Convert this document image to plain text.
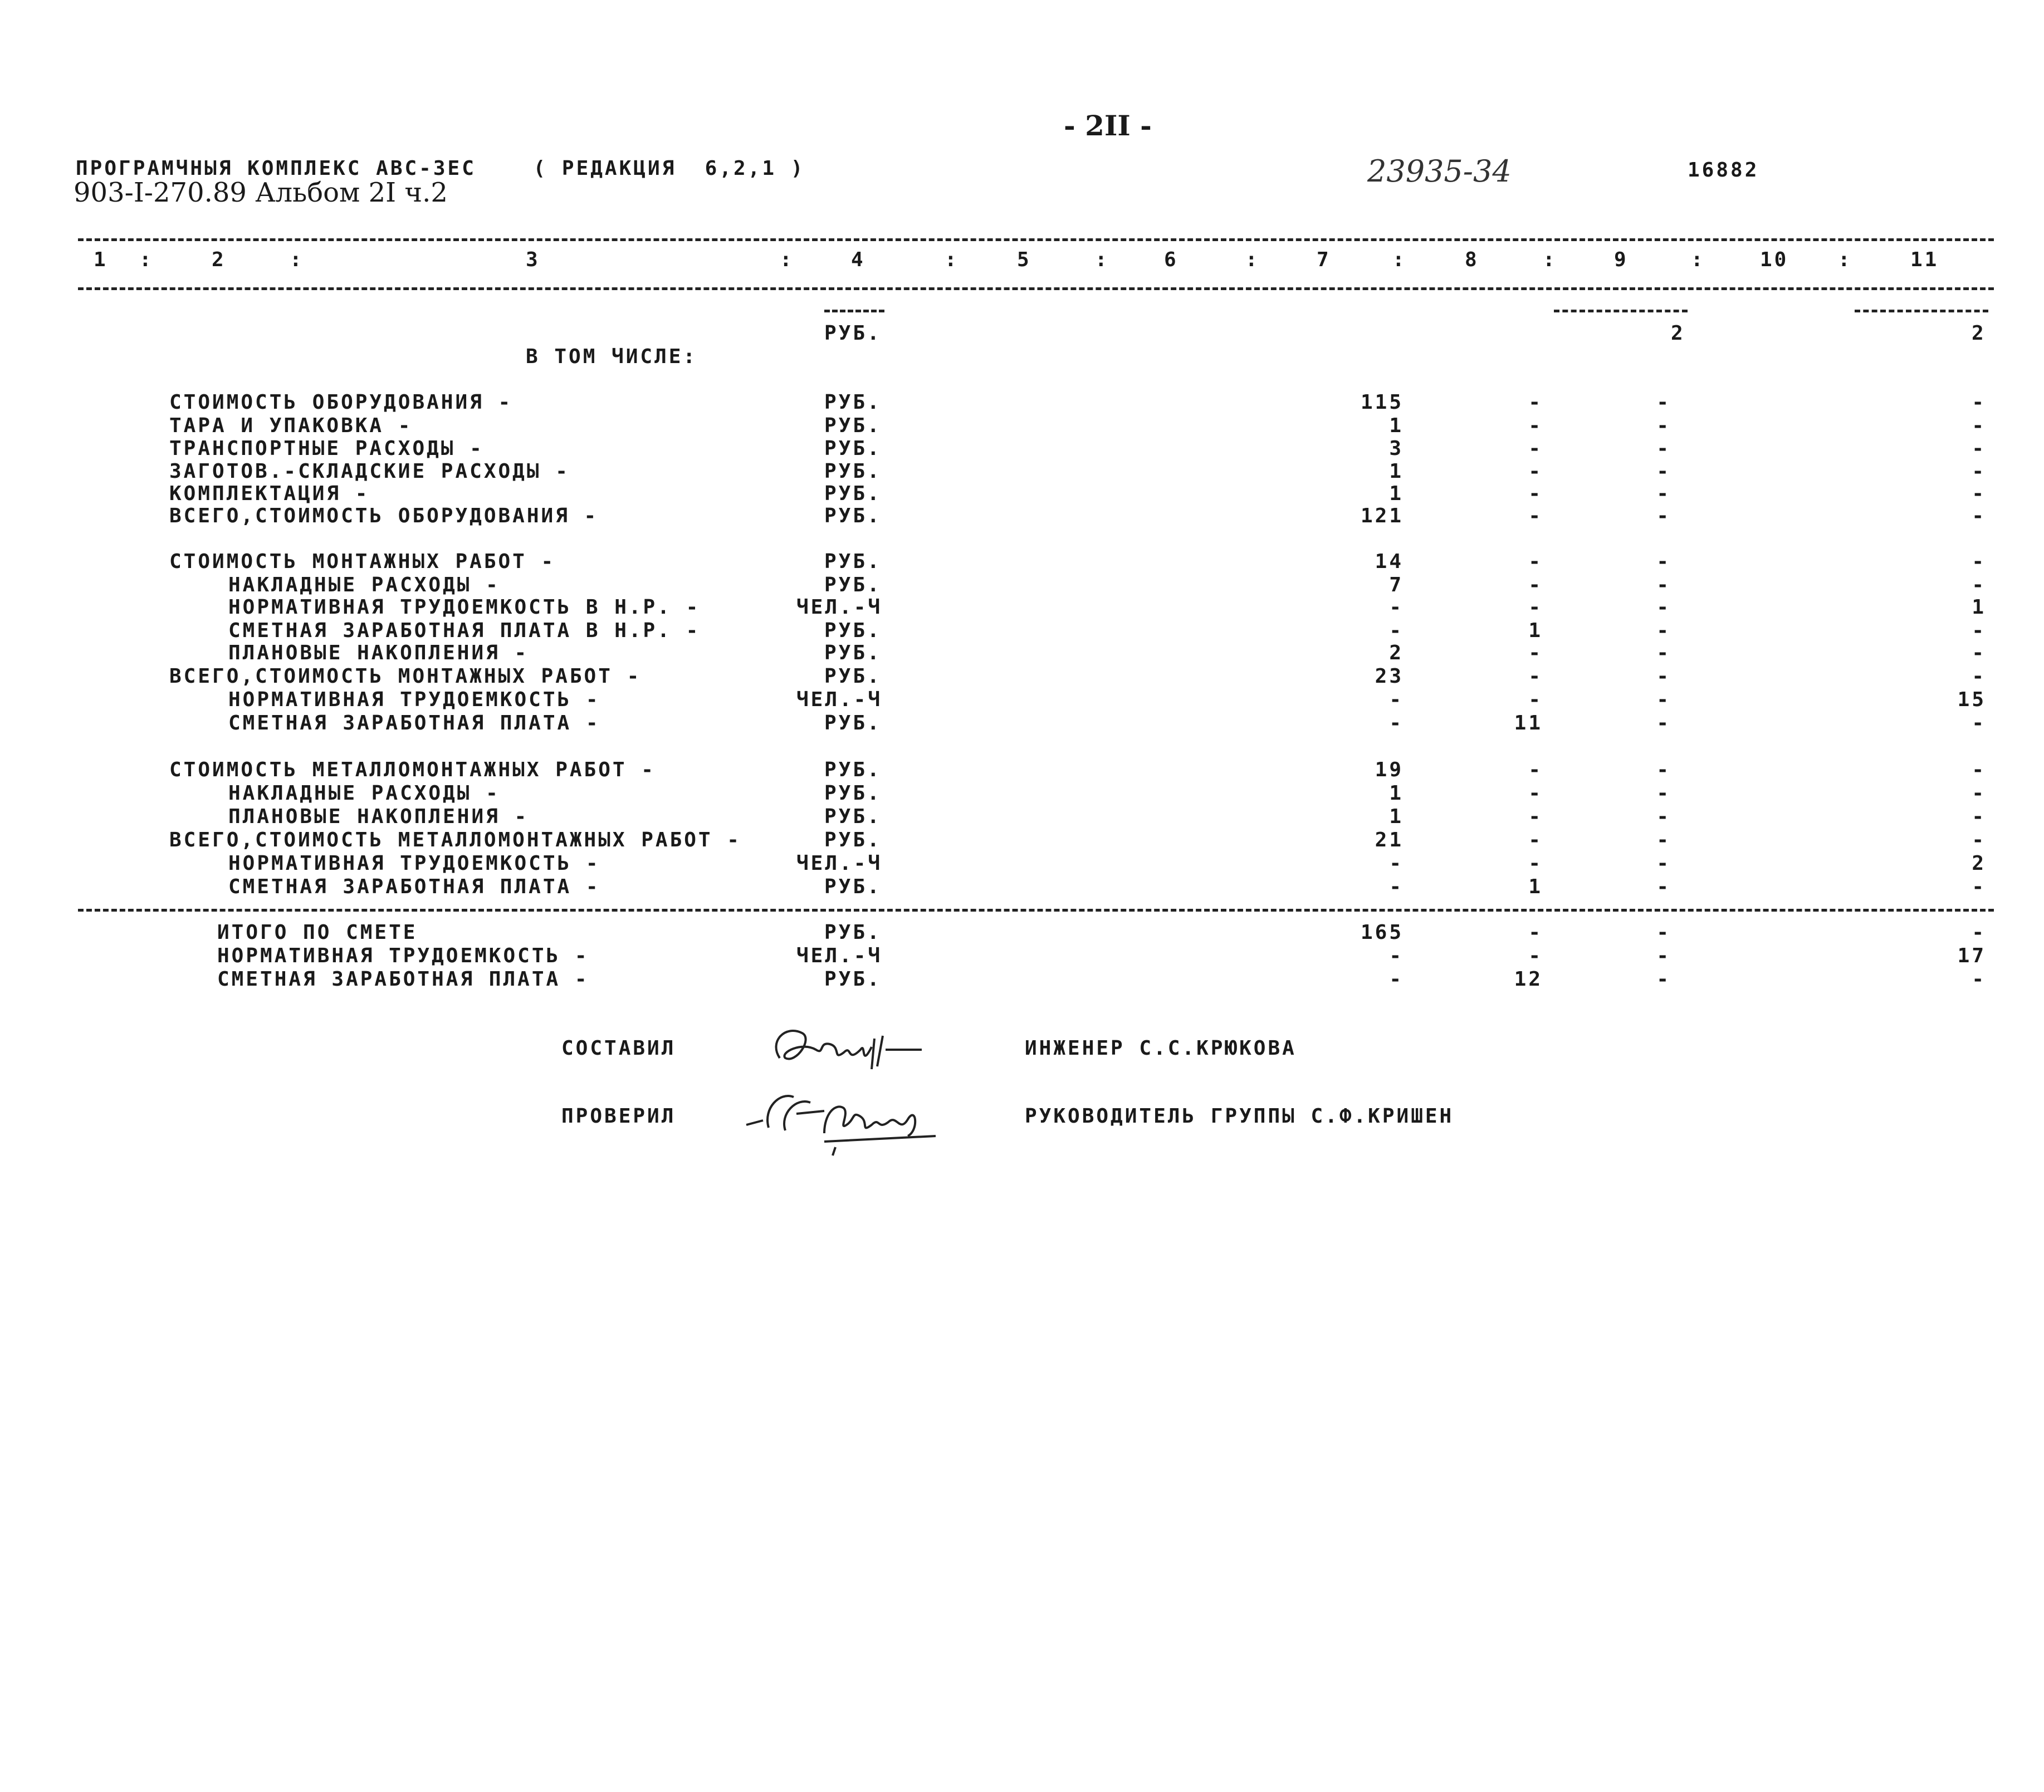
- 2II -
ПРОГРАМЧНЫЯ КОМПЛЕКС АВС-ЗЕС    ( РЕДАКЦИЯ  6,2,1 )
903-I-270.89 Альбом 2I ч.2
23935-34	16882
1 :	2	:	3	:	4	:	5	:	6	:	7	:	8	:	9	:	10 :	11
РУБ.	2	2
В ТОМ ЧИСЛЕ:
СТОИМОСТЬ ОБОРУДОВАНИЯ -	РУБ.	115	-	-	-
ТАРА И УПАКОВКА -	РУБ.	1	-	-	-
ТРАНСПОРТНЫЕ РАСХОДЫ -	РУБ.	3	-	-	-
ЗАГОТОВ.-СКЛАДСКИЕ РАСХОДЫ -	РУБ.	1	-	-	-
КОМПЛЕКТАЦИЯ -	РУБ.	1	-	-	-
ВСЕГО,СТОИМОСТЬ ОБОРУДОВАНИЯ -	РУБ.	121	-	-	-
СТОИМОСТЬ МОНТАЖНЫХ РАБОТ -	РУБ.	14	-	-	-
НАКЛАДНЫЕ РАСХОДЫ -	РУБ.	7	-	-	-
НОРМАТИВНАЯ ТРУДОЕМКОСТЬ В Н.Р. -	ЧЕЛ.-Ч	-	-	-	1
СМЕТНАЯ ЗАРАБОТНАЯ ПЛАТА В Н.Р. -	РУБ.	-	1	-	-
ПЛАНОВЫЕ НАКОПЛЕНИЯ -	РУБ.	2	-	-	-
ВСЕГО,СТОИМОСТЬ МОНТАЖНЫХ РАБОТ -	РУБ.	23	-	-	-
НОРМАТИВНАЯ ТРУДОЕМКОСТЬ -	ЧЕЛ.-Ч	-	-	-	15
СМЕТНАЯ ЗАРАБОТНАЯ ПЛАТА -	РУБ.	-	11	-	-
СТОИМОСТЬ МЕТАЛЛОМОНТАЖНЫХ РАБОТ -	РУБ.	19	-	-	-
НАКЛАДНЫЕ РАСХОДЫ -	РУБ.	1	-	-	-
ПЛАНОВЫЕ НАКОПЛЕНИЯ -	РУБ.	1	-	-	-
ВСЕГО,СТОИМОСТЬ МЕТАЛЛОМОНТАЖНЫХ РАБОТ -	РУБ.	21	-	-	-
НОРМАТИВНАЯ ТРУДОЕМКОСТЬ -	ЧЕЛ.-Ч	-	-	-	2
СМЕТНАЯ ЗАРАБОТНАЯ ПЛАТА -	РУБ.	-	1	-	-
ИТОГО ПО СМЕТЕ	РУБ.	165	-	-	-
НОРМАТИВНАЯ ТРУДОЕМКОСТЬ -	ЧЕЛ.-Ч	-	-	-	17
СМЕТНАЯ ЗАРАБОТНАЯ ПЛАТА -	РУБ.	-	12	-	-
СОСТАВИЛ	ИНЖЕНЕР С.С.КРЮКОВА
ПРОВЕРИЛ	РУКОВОДИТЕЛЬ ГРУППЫ С.Ф.КРИШЕН
